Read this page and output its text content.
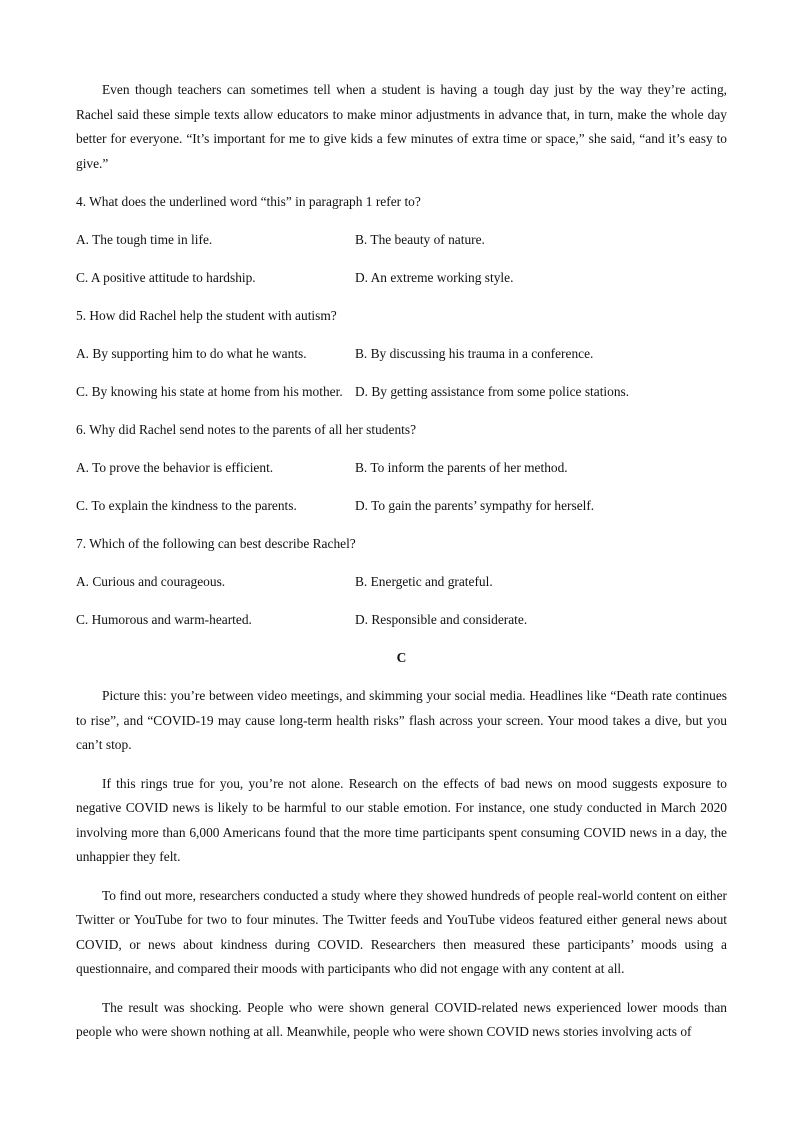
Even though teachers can sometimes tell when a student is having a tough day just by the way they’re acting, Rachel said these simple texts allow educators to make minor adjustments in advance that, in turn, make the whole day better for everyone. “It’s important for me to give kids a few minutes of extra time or space,” she said, “and it’s easy to give.”

4. What does the underlined word “this” in paragraph 1 refer to?
A. The tough time in life.	B. The beauty of nature.
C. A positive attitude to hardship.	D. An extreme working style.
5. How did Rachel help the student with autism?
A. By supporting him to do what he wants.	B. By discussing his trauma in a conference.
C. By knowing his state at home from his mother. D. By getting assistance from some police stations.
6. Why did Rachel send notes to the parents of all her students?
A. To prove the behavior is efficient.	B. To inform the parents of her method.
C. To explain the kindness to the parents.	D. To gain the parents’ sympathy for herself.
7. Which of the following can best describe Rachel?
A. Curious and courageous.	B. Energetic and grateful.
C. Humorous and warm-hearted.	D. Responsible and considerate.
C

Picture this: you’re between video meetings, and skimming your social media. Headlines like “Death rate continues to rise”, and “COVID-19 may cause long-term health risks” flash across your screen. Your mood takes a dive, but you can’t stop.

If this rings true for you, you’re not alone. Research on the effects of bad news on mood suggests exposure to negative COVID news is likely to be harmful to our stable emotion. For instance, one study conducted in March 2020 involving more than 6,000 Americans found that the more time participants spent consuming COVID news in a day, the unhappier they felt.

To find out more, researchers conducted a study where they showed hundreds of people real-world content on either Twitter or YouTube for two to four minutes. The Twitter feeds and YouTube videos featured either general news about COVID, or news about kindness during COVID. Researchers then measured these participants’ moods using a questionnaire, and compared their moods with participants who did not engage with any content at all.

The result was shocking. People who were shown general COVID-related news experienced lower moods than people who were shown nothing at all. Meanwhile, people who were shown COVID news stories involving acts of
